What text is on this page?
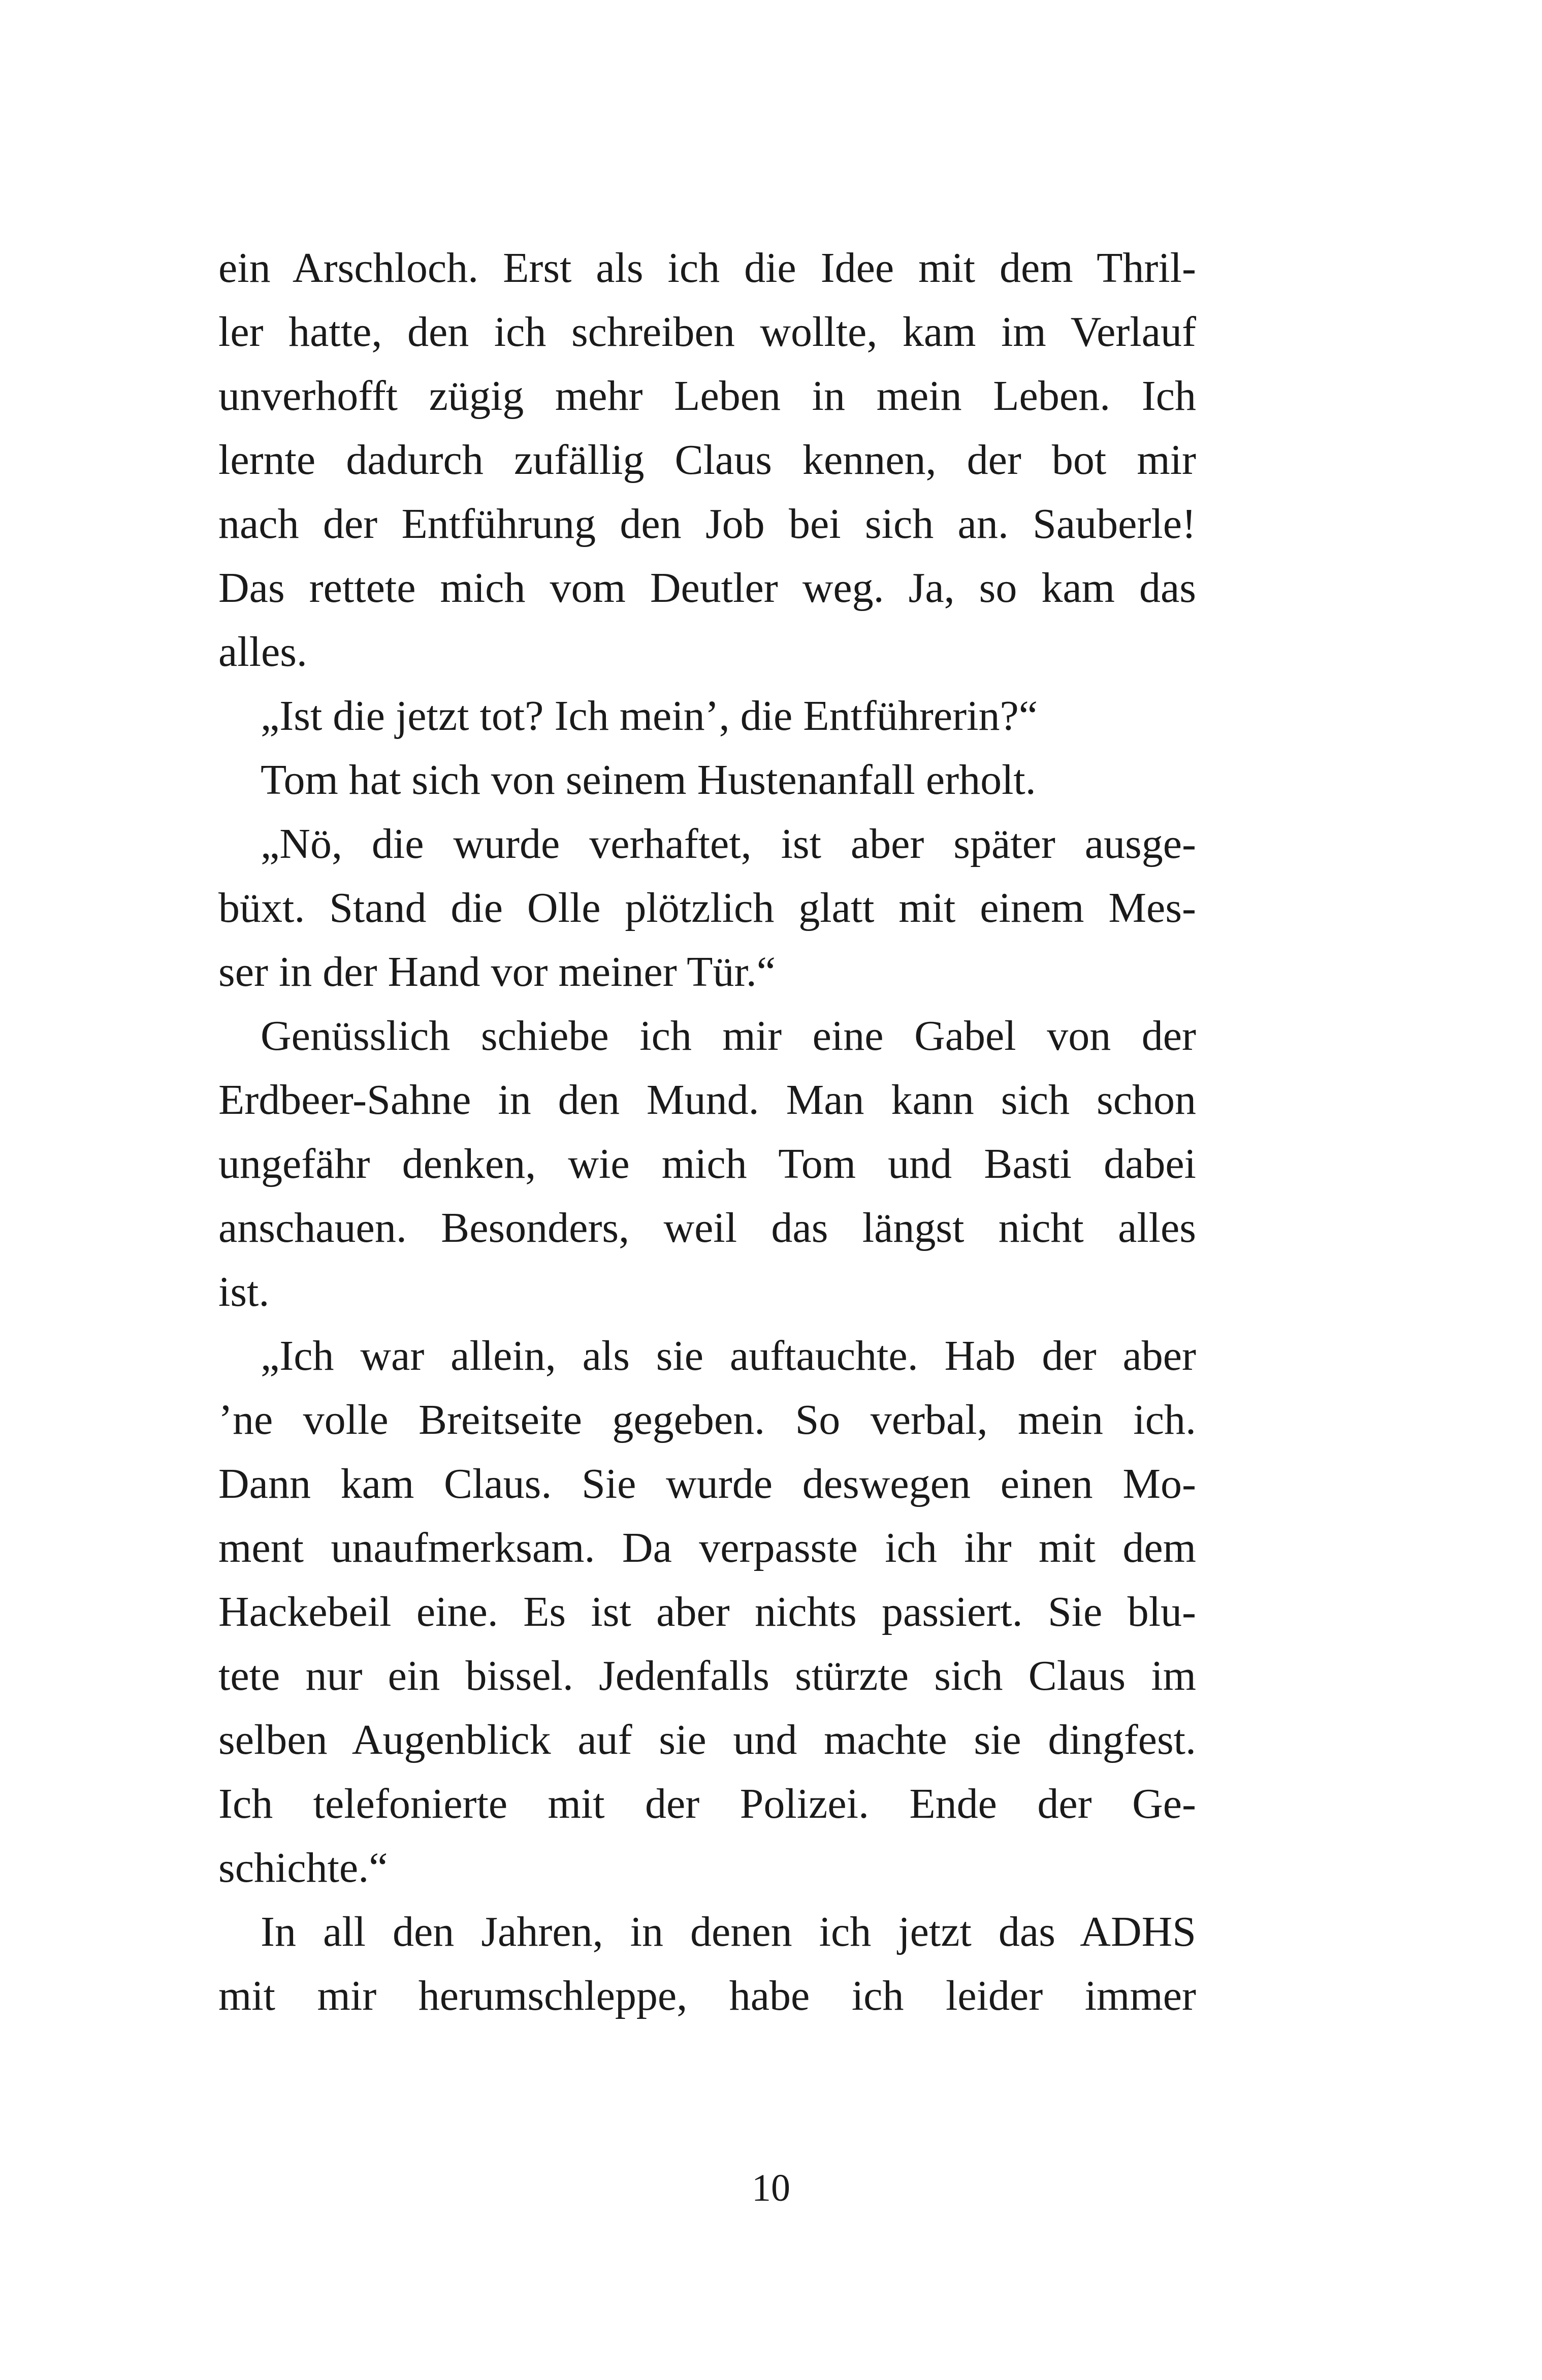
ein Arschloch. Erst als ich die Idee mit dem Thril-
ler hatte, den ich schreiben wollte, kam im Verlauf
unverhofft zügig mehr Leben in mein Leben. Ich
lernte dadurch zufällig Claus kennen, der bot mir
nach der Entführung den Job bei sich an. Sauberle!
Das rettete mich vom Deutler weg. Ja, so kam das
alles.
„Ist die jetzt tot? Ich mein’, die Entführerin?“
Tom hat sich von seinem Hustenanfall erholt.
„Nö, die wurde verhaftet, ist aber später ausge-
büxt. Stand die Olle plötzlich glatt mit einem Mes-
ser in der Hand vor meiner Tür.“
Genüsslich schiebe ich mir eine Gabel von der
Erdbeer-Sahne in den Mund. Man kann sich schon
ungefähr denken, wie mich Tom und Basti dabei
anschauen. Besonders, weil das längst nicht alles
ist.
„Ich war allein, als sie auftauchte. Hab der aber
’ne volle Breitseite gegeben. So verbal, mein ich.
Dann kam Claus. Sie wurde deswegen einen Mo-
ment unaufmerksam. Da verpasste ich ihr mit dem
Hackebeil eine. Es ist aber nichts passiert. Sie blu-
tete nur ein bissel. Jedenfalls stürzte sich Claus im
selben Augenblick auf sie und machte sie dingfest.
Ich telefonierte mit der Polizei. Ende der Ge-
schichte.“
In all den Jahren, in denen ich jetzt das ADHS
mit mir herumschleppe, habe ich leider immer
10
